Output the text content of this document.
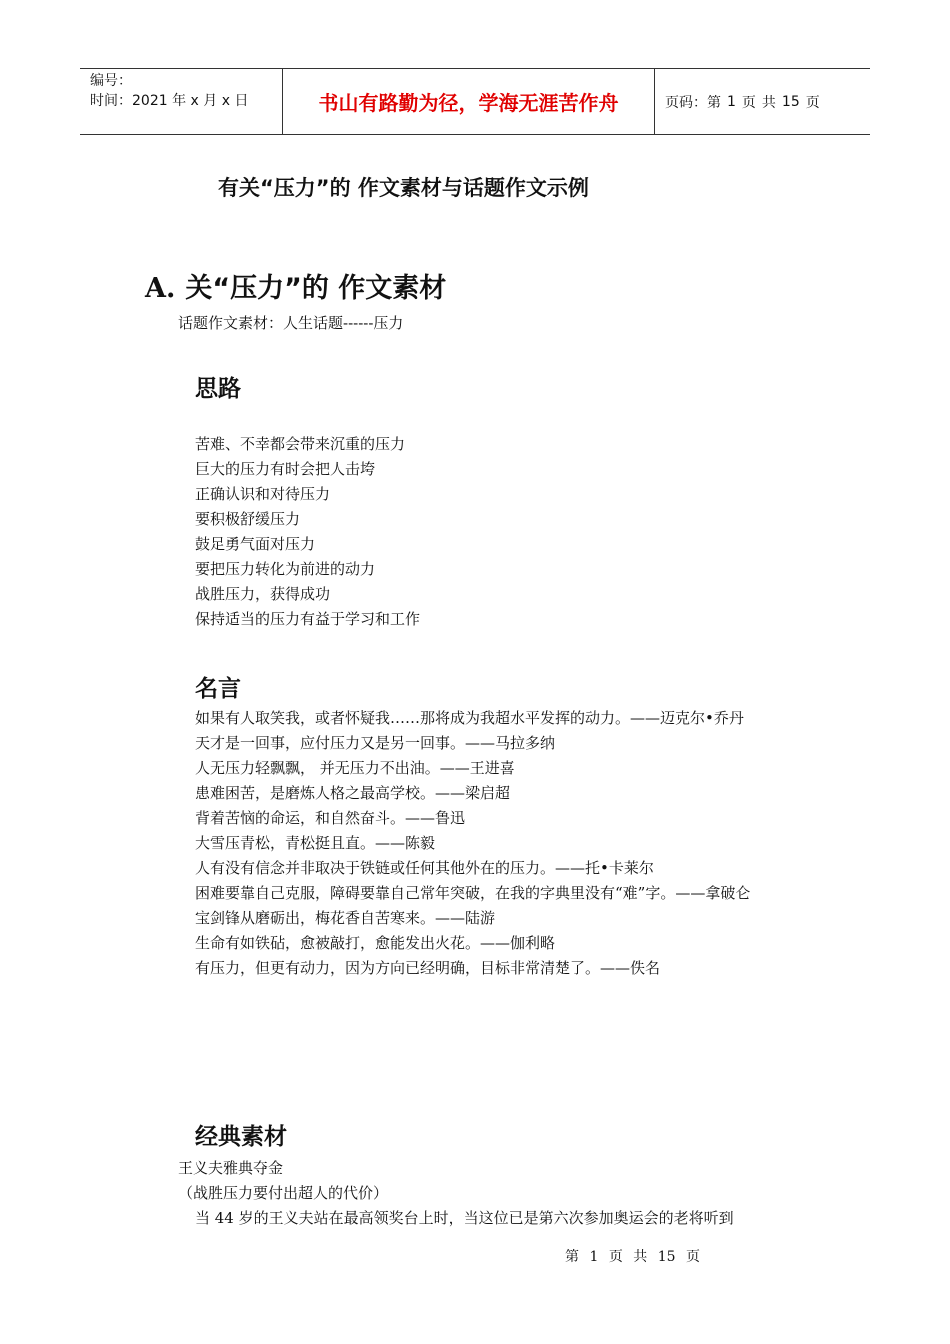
编号：
时间：2021 年 x 月 x 日	书山有路勤为径，学海无涯苦作舟	页码：第 1 页 共 15 页
有关“压力”的 作文素材与话题作文示例
A. 关“压力”的 作文素材
话题作文素材：人生话题------压力
思路
苦难、不幸都会带来沉重的压力
巨大的压力有时会把人击垮
正确认识和对待压力
要积极舒缓压力
鼓足勇气面对压力
要把压力转化为前进的动力
战胜压力，获得成功
保持适当的压力有益于学习和工作
名言
如果有人取笑我，或者怀疑我……那将成为我超水平发挥的动力。——迈克尔•乔丹
天才是一回事，应付压力又是另一回事。——马拉多纳
人无压力轻飘飘， 并无压力不出油。——王进喜
患难困苦，是磨炼人格之最高学校。——梁启超
背着苦恼的命运，和自然奋斗。——鲁迅
大雪压青松，青松挺且直。——陈毅
人有没有信念并非取决于铁链或任何其他外在的压力。——托•卡莱尔
困难要靠自己克服，障碍要靠自己常年突破，在我的字典里没有“难”字。——拿破仑
宝剑锋从磨砺出，梅花香自苦寒来。——陆游
生命有如铁砧，愈被敲打，愈能发出火花。——伽利略
有压力，但更有动力，因为方向已经明确，目标非常清楚了。——佚名
经典素材
王义夫雅典夺金
（战胜压力要付出超人的代价）
当 44 岁的王义夫站在最高领奖台上时，当这位已是第六次参加奥运会的老将听到
第 1 页 共 15 页
